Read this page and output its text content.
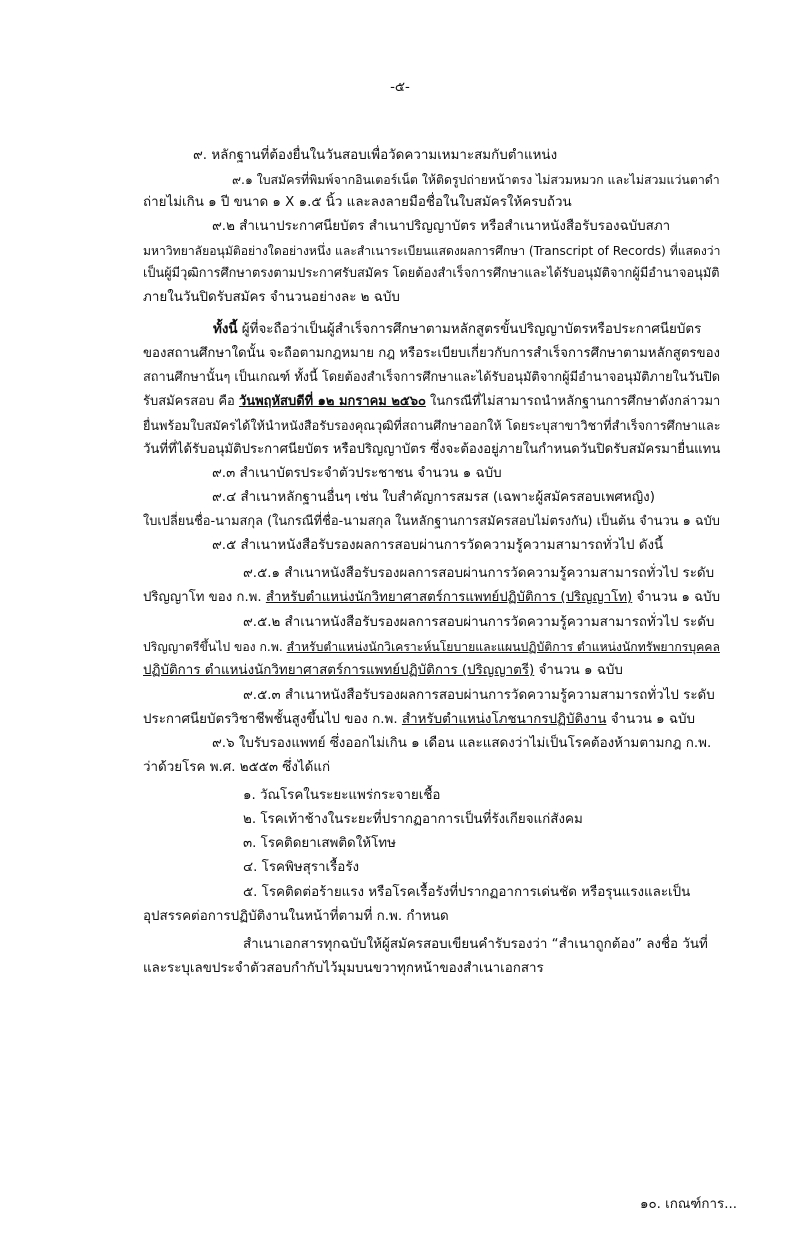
-๕-
๙. หลักฐานที่ต้องยื่นในวันสอบเพื่อวัดความเหมาะสมกับตำแหน่ง
๙.๑ ใบสมัครที่พิมพ์จากอินเตอร์เน็ต ให้ติดรูปถ่ายหน้าตรง ไม่สวมหมวก และไม่สวมแว่นตาดำ
ถ่ายไม่เกิน ๑ ปี ขนาด ๑ X ๑.๕ นิ้ว และลงลายมือชื่อในใบสมัครให้ครบถ้วน
๙.๒ สำเนาประกาศนียบัตร สำเนาปริญญาบัตร หรือสำเนาหนังสือรับรองฉบับสภา
มหาวิทยาลัยอนุมัติอย่างใดอย่างหนึ่ง และสำเนาระเบียนแสดงผลการศึกษา (Transcript of Records) ที่แสดงว่า
เป็นผู้มีวุฒิการศึกษาตรงตามประกาศรับสมัคร โดยต้องสำเร็จการศึกษาและได้รับอนุมัติจากผู้มีอำนาจอนุมัติ
ภายในวันปิดรับสมัคร จำนวนอย่างละ ๒ ฉบับ
ทั้งนี้ ผู้ที่จะถือว่าเป็นผู้สำเร็จการศึกษาตามหลักสูตรขั้นปริญญาบัตรหรือประกาศนียบัตร
ของสถานศึกษาใดนั้น จะถือตามกฎหมาย กฎ หรือระเบียบเกี่ยวกับการสำเร็จการศึกษาตามหลักสูตรของ
สถานศึกษานั้นๆ เป็นเกณฑ์ ทั้งนี้ โดยต้องสำเร็จการศึกษาและได้รับอนุมัติจากผู้มีอำนาจอนุมัติภายในวันปิด
รับสมัครสอบ คือ วันพฤหัสบดีที่ ๑๒ มกราคม ๒๕๖๐ ในกรณีที่ไม่สามารถนำหลักฐานการศึกษาดังกล่าวมา
ยื่นพร้อมใบสมัครได้ให้นำหนังสือรับรองคุณวุฒิที่สถานศึกษาออกให้ โดยระบุสาขาวิชาที่สำเร็จการศึกษาและ
วันที่ที่ได้รับอนุมัติประกาศนียบัตร หรือปริญญาบัตร ซึ่งจะต้องอยู่ภายในกำหนดวันปิดรับสมัครมายื่นแทน
๙.๓ สำเนาบัตรประจำตัวประชาชน จำนวน ๑ ฉบับ
๙.๔ สำเนาหลักฐานอื่นๆ เช่น ใบสำคัญการสมรส (เฉพาะผู้สมัครสอบเพศหญิง)
ใบเปลี่ยนชื่อ-นามสกุล (ในกรณีที่ชื่อ-นามสกุล ในหลักฐานการสมัครสอบไม่ตรงกัน) เป็นต้น จำนวน ๑ ฉบับ
๙.๕ สำเนาหนังสือรับรองผลการสอบผ่านการวัดความรู้ความสามารถทั่วไป ดังนี้
๙.๕.๑ สำเนาหนังสือรับรองผลการสอบผ่านการวัดความรู้ความสามารถทั่วไป ระดับ
ปริญญาโท ของ ก.พ. สำหรับตำแหน่งนักวิทยาศาสตร์การแพทย์ปฏิบัติการ (ปริญญาโท) จำนวน ๑ ฉบับ
๙.๕.๒ สำเนาหนังสือรับรองผลการสอบผ่านการวัดความรู้ความสามารถทั่วไป ระดับ
ปริญญาตรีขึ้นไป ของ ก.พ. สำหรับตำแหน่งนักวิเคราะห์นโยบายและแผนปฏิบัติการ ตำแหน่งนักทรัพยากรบุคคล
ปฏิบัติการ ตำแหน่งนักวิทยาศาสตร์การแพทย์ปฏิบัติการ (ปริญญาตรี) จำนวน ๑ ฉบับ
๙.๕.๓ สำเนาหนังสือรับรองผลการสอบผ่านการวัดความรู้ความสามารถทั่วไป ระดับ
ประกาศนียบัตรวิชาชีพชั้นสูงขึ้นไป ของ ก.พ. สำหรับตำแหน่งโภชนากรปฏิบัติงาน จำนวน ๑ ฉบับ
๙.๖ ใบรับรองแพทย์ ซึ่งออกไม่เกิน ๑ เดือน และแสดงว่าไม่เป็นโรคต้องห้ามตามกฎ ก.พ.
ว่าด้วยโรค พ.ศ. ๒๕๕๓ ซึ่งได้แก่
๑. วัณโรคในระยะแพร่กระจายเชื้อ
๒. โรคเท้าช้างในระยะที่ปรากฏอาการเป็นที่รังเกียจแก่สังคม
๓. โรคติดยาเสพติดให้โทษ
๔. โรคพิษสุราเรื้อรัง
๕. โรคติดต่อร้ายแรง หรือโรคเรื้อรังที่ปรากฏอาการเด่นชัด หรือรุนแรงและเป็น
อุปสรรคต่อการปฏิบัติงานในหน้าที่ตามที่ ก.พ. กำหนด
สำเนาเอกสารทุกฉบับให้ผู้สมัครสอบเขียนคำรับรองว่า “สำเนาถูกต้อง” ลงชื่อ วันที่
และระบุเลขประจำตัวสอบกำกับไว้มุมบนขวาทุกหน้าของสำเนาเอกสาร
๑๐. เกณฑ์การ...
